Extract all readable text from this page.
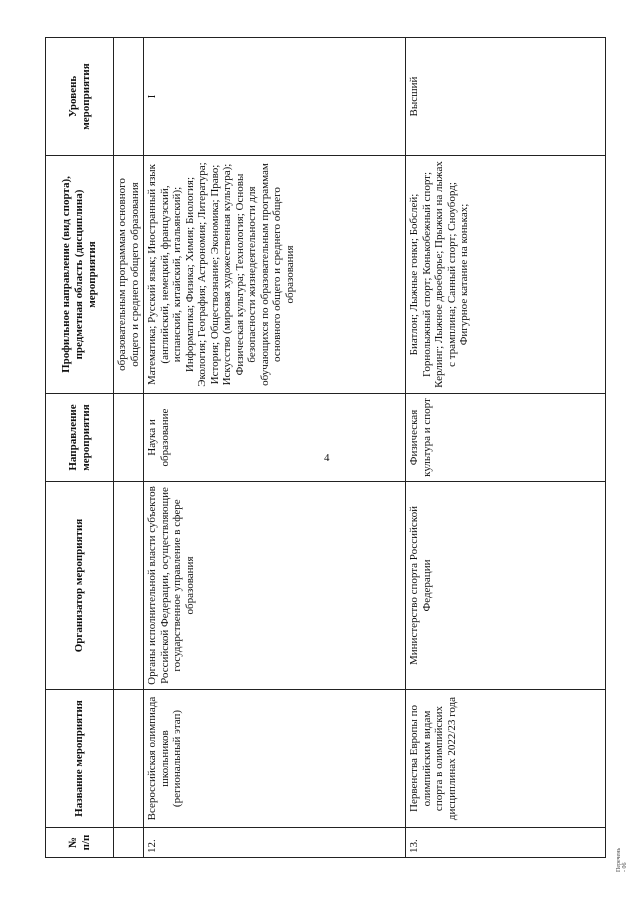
4
№ п/п	Название мероприятия	Организатор мероприятия	Направление мероприятия	Профильное направление (вид спорта), предметная область (дисциплина) мероприятия	Уровень мероприятия
				образовательным программам основного общего и среднего общего образования	
12.	Всероссийская олимпиада школьников (региональный этап)	Органы исполнительной власти субъектов Российской Федерации, осуществляющие государственное управление в сфере образования	Наука и образование	Математика; Русский язык; Иностранный язык (английский, немецкий, французский, испанский, китайский, итальянский); Информатика; Физика; Химия; Биология; Экология; География; Астрономия; Литература; История; Обществознание; Экономика; Право; Искусство (мировая художественная культура); Физическая культура; Технология; Основы безопасности жизнедеятельности для обучающихся по образовательным программам основного общего и среднего общего образования	I
13.	Первенства Европы по олимпийским видам спорта в олимпийских дисциплинах 2022/23 года	Министерство спорта Российской Федерации	Физическая культура и спорт	Биатлон; Лыжные гонки; Бобслей; Горнолыжный спорт; Конькобежный спорт; Керлинг; Лыжное двоеборье; Прыжки на лыжах с трамплина; Санный спорт; Сноуборд; Фигурное катание на коньках;	Высший
Перечень - 06
